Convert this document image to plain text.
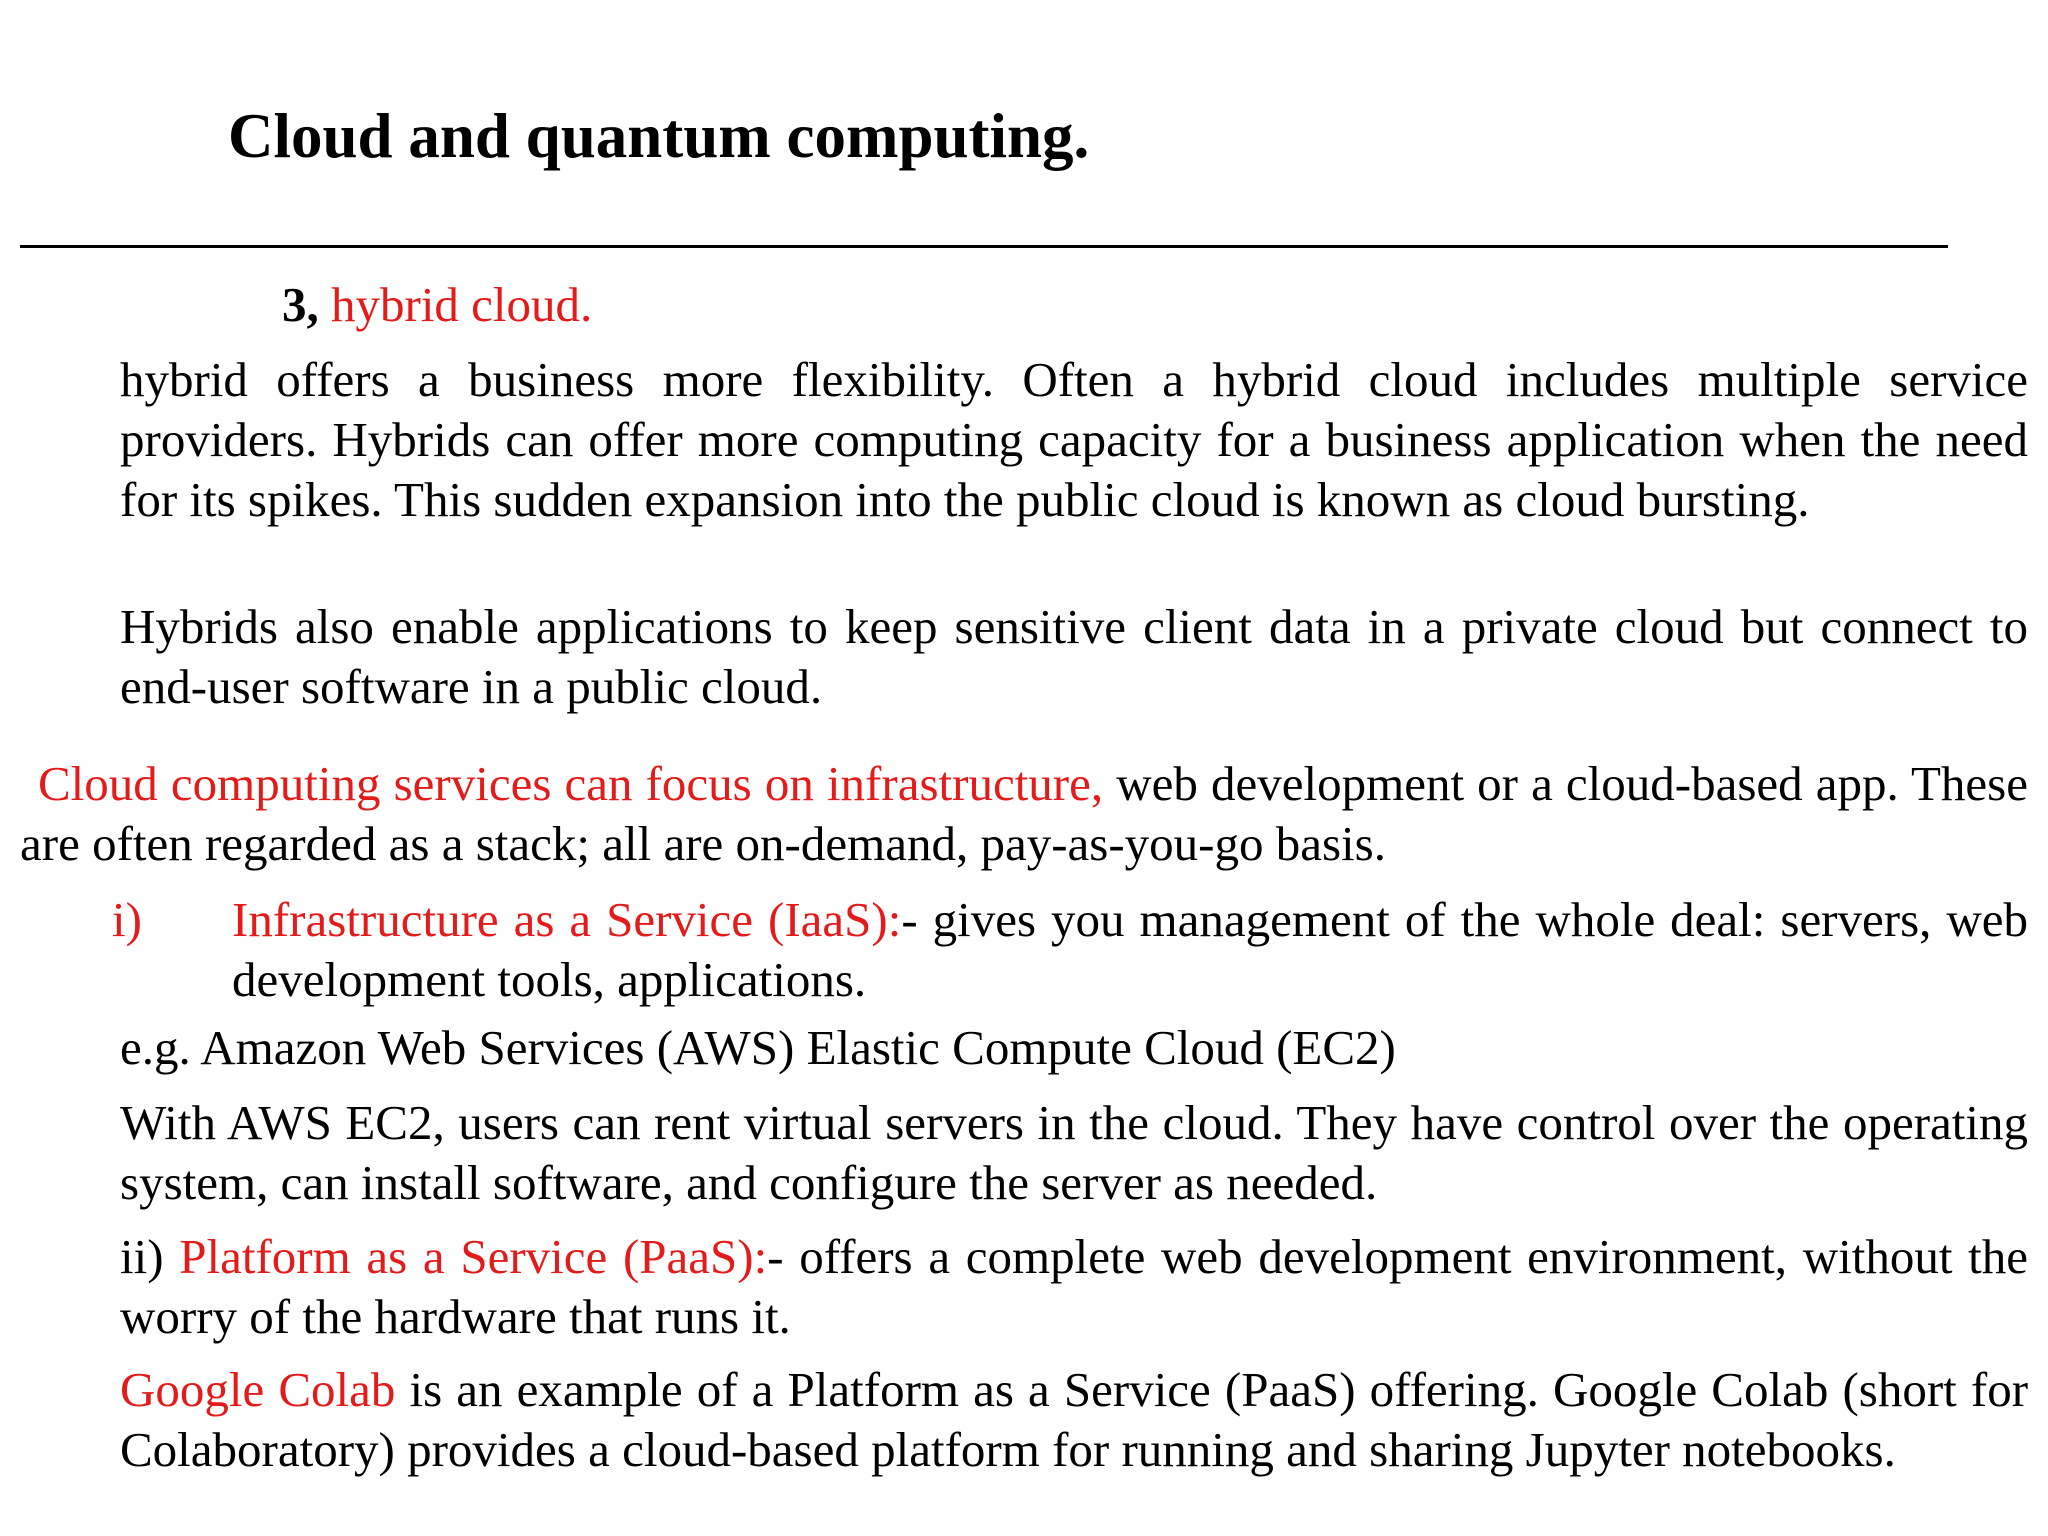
Cloud and quantum computing.
3, hybrid cloud.
hybrid offers a business more flexibility. Often a hybrid cloud includes multiple service providers. Hybrids can offer more computing capacity for a business application when the need for its spikes. This sudden expansion into the public cloud is known as cloud bursting.
Hybrids also enable applications to keep sensitive client data in a private cloud but connect to end-user software in a public cloud.
Cloud computing services can focus on infrastructure, web development or a cloud-based app. These are often regarded as a stack; all are on-demand, pay-as-you-go basis.
i) Infrastructure as a Service (IaaS):- gives you management of the whole deal: servers, web development tools, applications.
e.g. Amazon Web Services (AWS) Elastic Compute Cloud (EC2)
With AWS EC2, users can rent virtual servers in the cloud. They have control over the operating system, can install software, and configure the server as needed.
ii) Platform as a Service (PaaS):- offers a complete web development environment, without the worry of the hardware that runs it.
Google Colab is an example of a Platform as a Service (PaaS) offering. Google Colab (short for Colaboratory) provides a cloud-based platform for running and sharing Jupyter notebooks.
